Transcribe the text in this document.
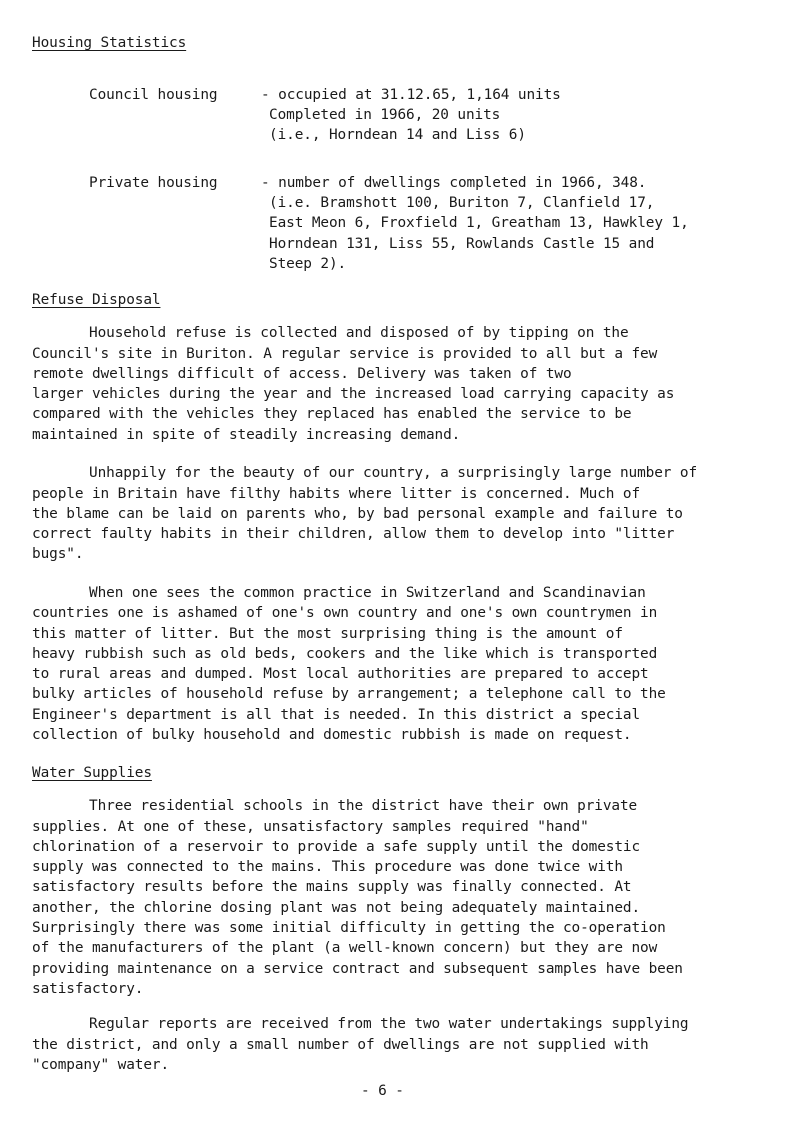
Housing Statistics
Council housing	- occupied at 31.12.65, 1,164 units
Completed in 1966, 20 units
(i.e., Horndean 14 and Liss 6)
Private housing	- number of dwellings completed in 1966, 348.
(i.e. Bramshott 100, Buriton 7, Clanfield 17,
East Meon 6, Froxfield 1, Greatham 13, Hawkley 1,
Horndean 131, Liss 55, Rowlands Castle 15 and
Steep 2).
Refuse Disposal
Household refuse is collected and disposed of by tipping on the
Council's site in Buriton. A regular service is provided to all but a few
remote dwellings difficult of access. Delivery was taken of two
larger vehicles during the year and the increased load carrying capacity as
compared with the vehicles they replaced has enabled the service to be
maintained in spite of steadily increasing demand.
Unhappily for the beauty of our country, a surprisingly large number of
people in Britain have filthy habits where litter is concerned. Much of
the blame can be laid on parents who, by bad personal example and failure to
correct faulty habits in their children, allow them to develop into "litter
bugs".
When one sees the common practice in Switzerland and Scandinavian
countries one is ashamed of one's own country and one's own countrymen in
this matter of litter. But the most surprising thing is the amount of
heavy rubbish such as old beds, cookers and the like which is transported
to rural areas and dumped. Most local authorities are prepared to accept
bulky articles of household refuse by arrangement; a telephone call to the
Engineer's department is all that is needed. In this district a special
collection of bulky household and domestic rubbish is made on request.
Water Supplies
Three residential schools in the district have their own private
supplies. At one of these, unsatisfactory samples required "hand"
chlorination of a reservoir to provide a safe supply until the domestic
supply was connected to the mains. This procedure was done twice with
satisfactory results before the mains supply was finally connected. At
another, the chlorine dosing plant was not being adequately maintained.
Surprisingly there was some initial difficulty in getting the co-operation
of the manufacturers of the plant (a well-known concern) but they are now
providing maintenance on a service contract and subsequent samples have been
satisfactory.
Regular reports are received from the two water undertakings supplying
the district, and only a small number of dwellings are not supplied with
"company" water.
- 6 -
